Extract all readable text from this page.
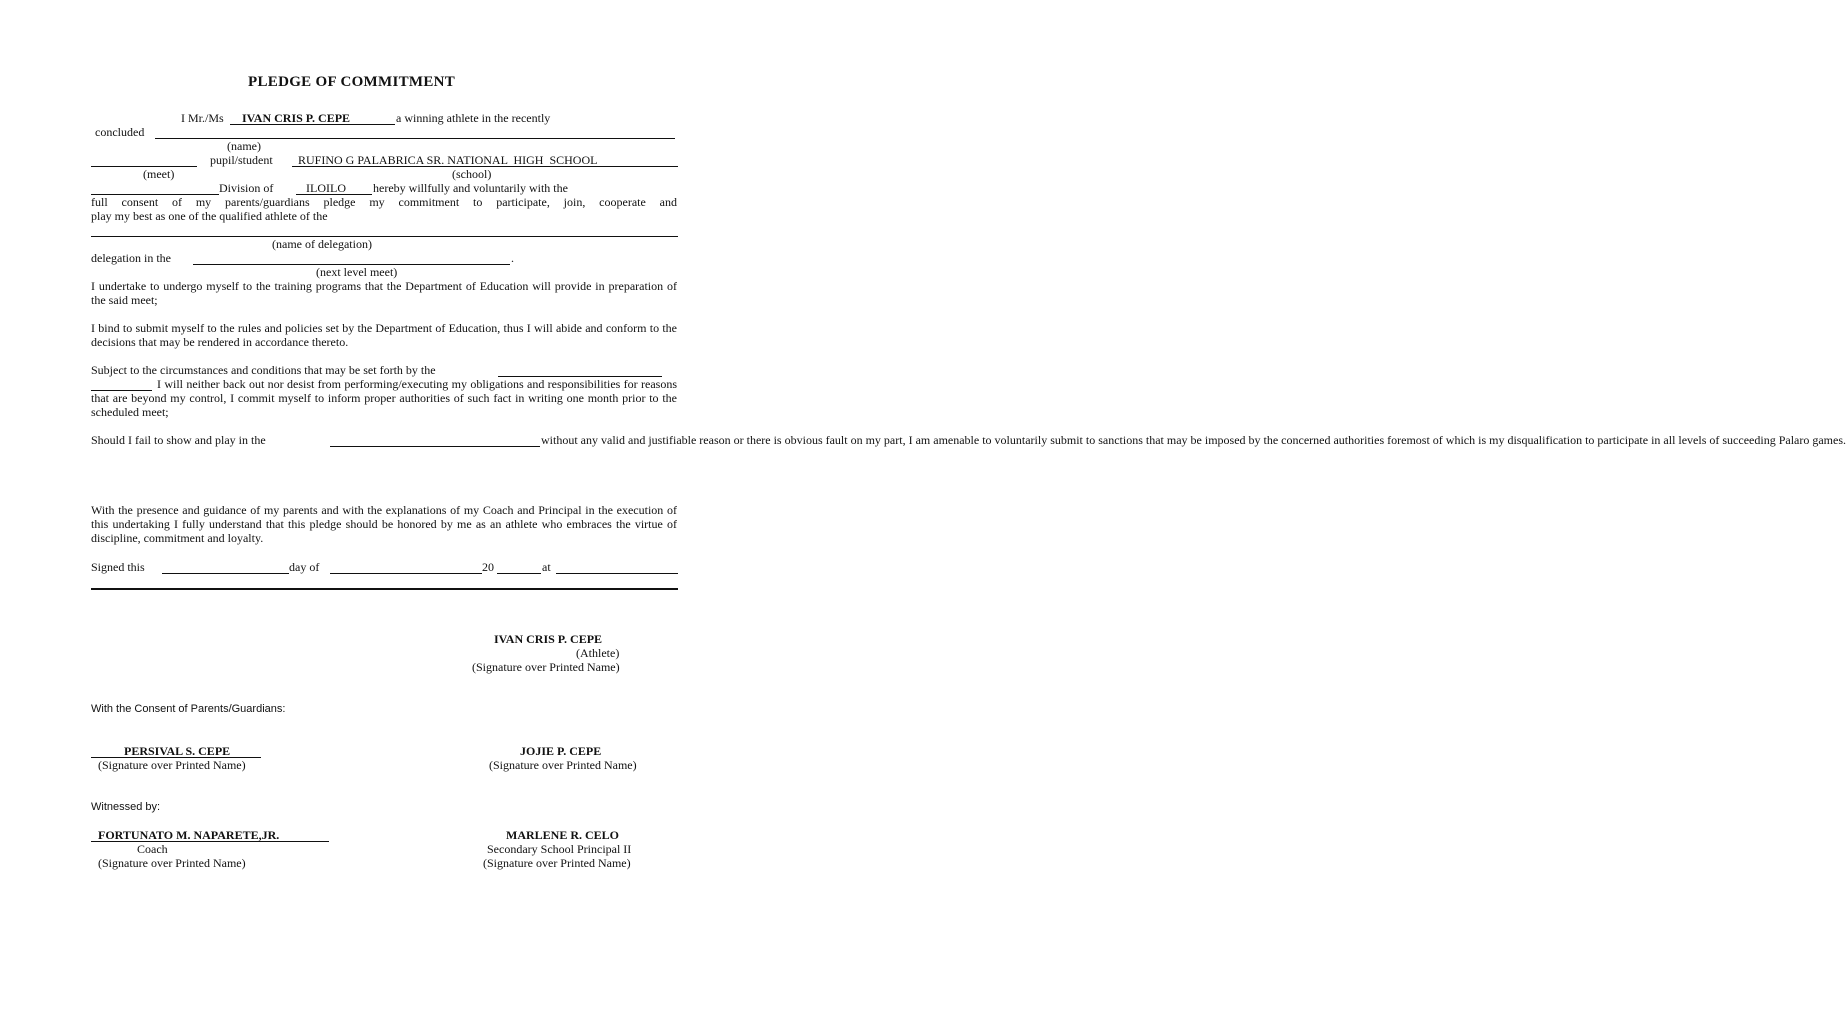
PLEDGE OF COMMITMENT
I Mr./Ms IVAN CRIS P. CEPE	a winning athlete in the recently
concluded
(name)
pupil/student RUFINO G PALABRICA SR. NATIONAL  HIGH  SCHOOL
(meet)	(school)
Division of	ILOILO hereby willfully and voluntarily with the
full consent of my parents/guardians pledge my commitment to participate, join, cooperate and
play my best as one of the qualified athlete of the
(name of delegation)
delegation in the	.
(next level meet)
I undertake to undergo myself to the training programs that the Department of Education will provide in preparation of the said meet;
I bind to submit myself to the rules and policies set by the Department of Education, thus I will abide and conform to the decisions that may be rendered in accordance thereto.
Subject to the circumstances and conditions that may be set forth by the
I will neither back out nor desist from performing/executing my obligations and responsibilities for reasons that are beyond my control, I commit myself to inform proper authorities of such fact in writing one month prior to the scheduled meet;
Should I fail to show and play in the	without any valid and justifiable reason or there is obvious fault on my part, I am amenable to voluntarily submit to sanctions that may be imposed by the concerned authorities foremost of which is my disqualification to participate in all levels of succeeding Palaro games.
With the presence and guidance of my parents and with the explanations of my Coach and Principal in the execution of this undertaking I fully understand that this pledge should be honored by me as an athlete who embraces the virtue of discipline, commitment and loyalty.
Signed this	day of	20	at
IVAN CRIS P. CEPE
(Athlete)
(Signature over Printed Name)
With the Consent of Parents/Guardians:
PERSIVAL S. CEPE
(Signature over Printed Name)
JOJIE P. CEPE
(Signature over Printed Name)
Witnessed by:
FORTUNATO M. NAPARETE,JR.
Coach
(Signature over Printed Name)
MARLENE R. CELO
Secondary School Principal II
(Signature over Printed Name)
